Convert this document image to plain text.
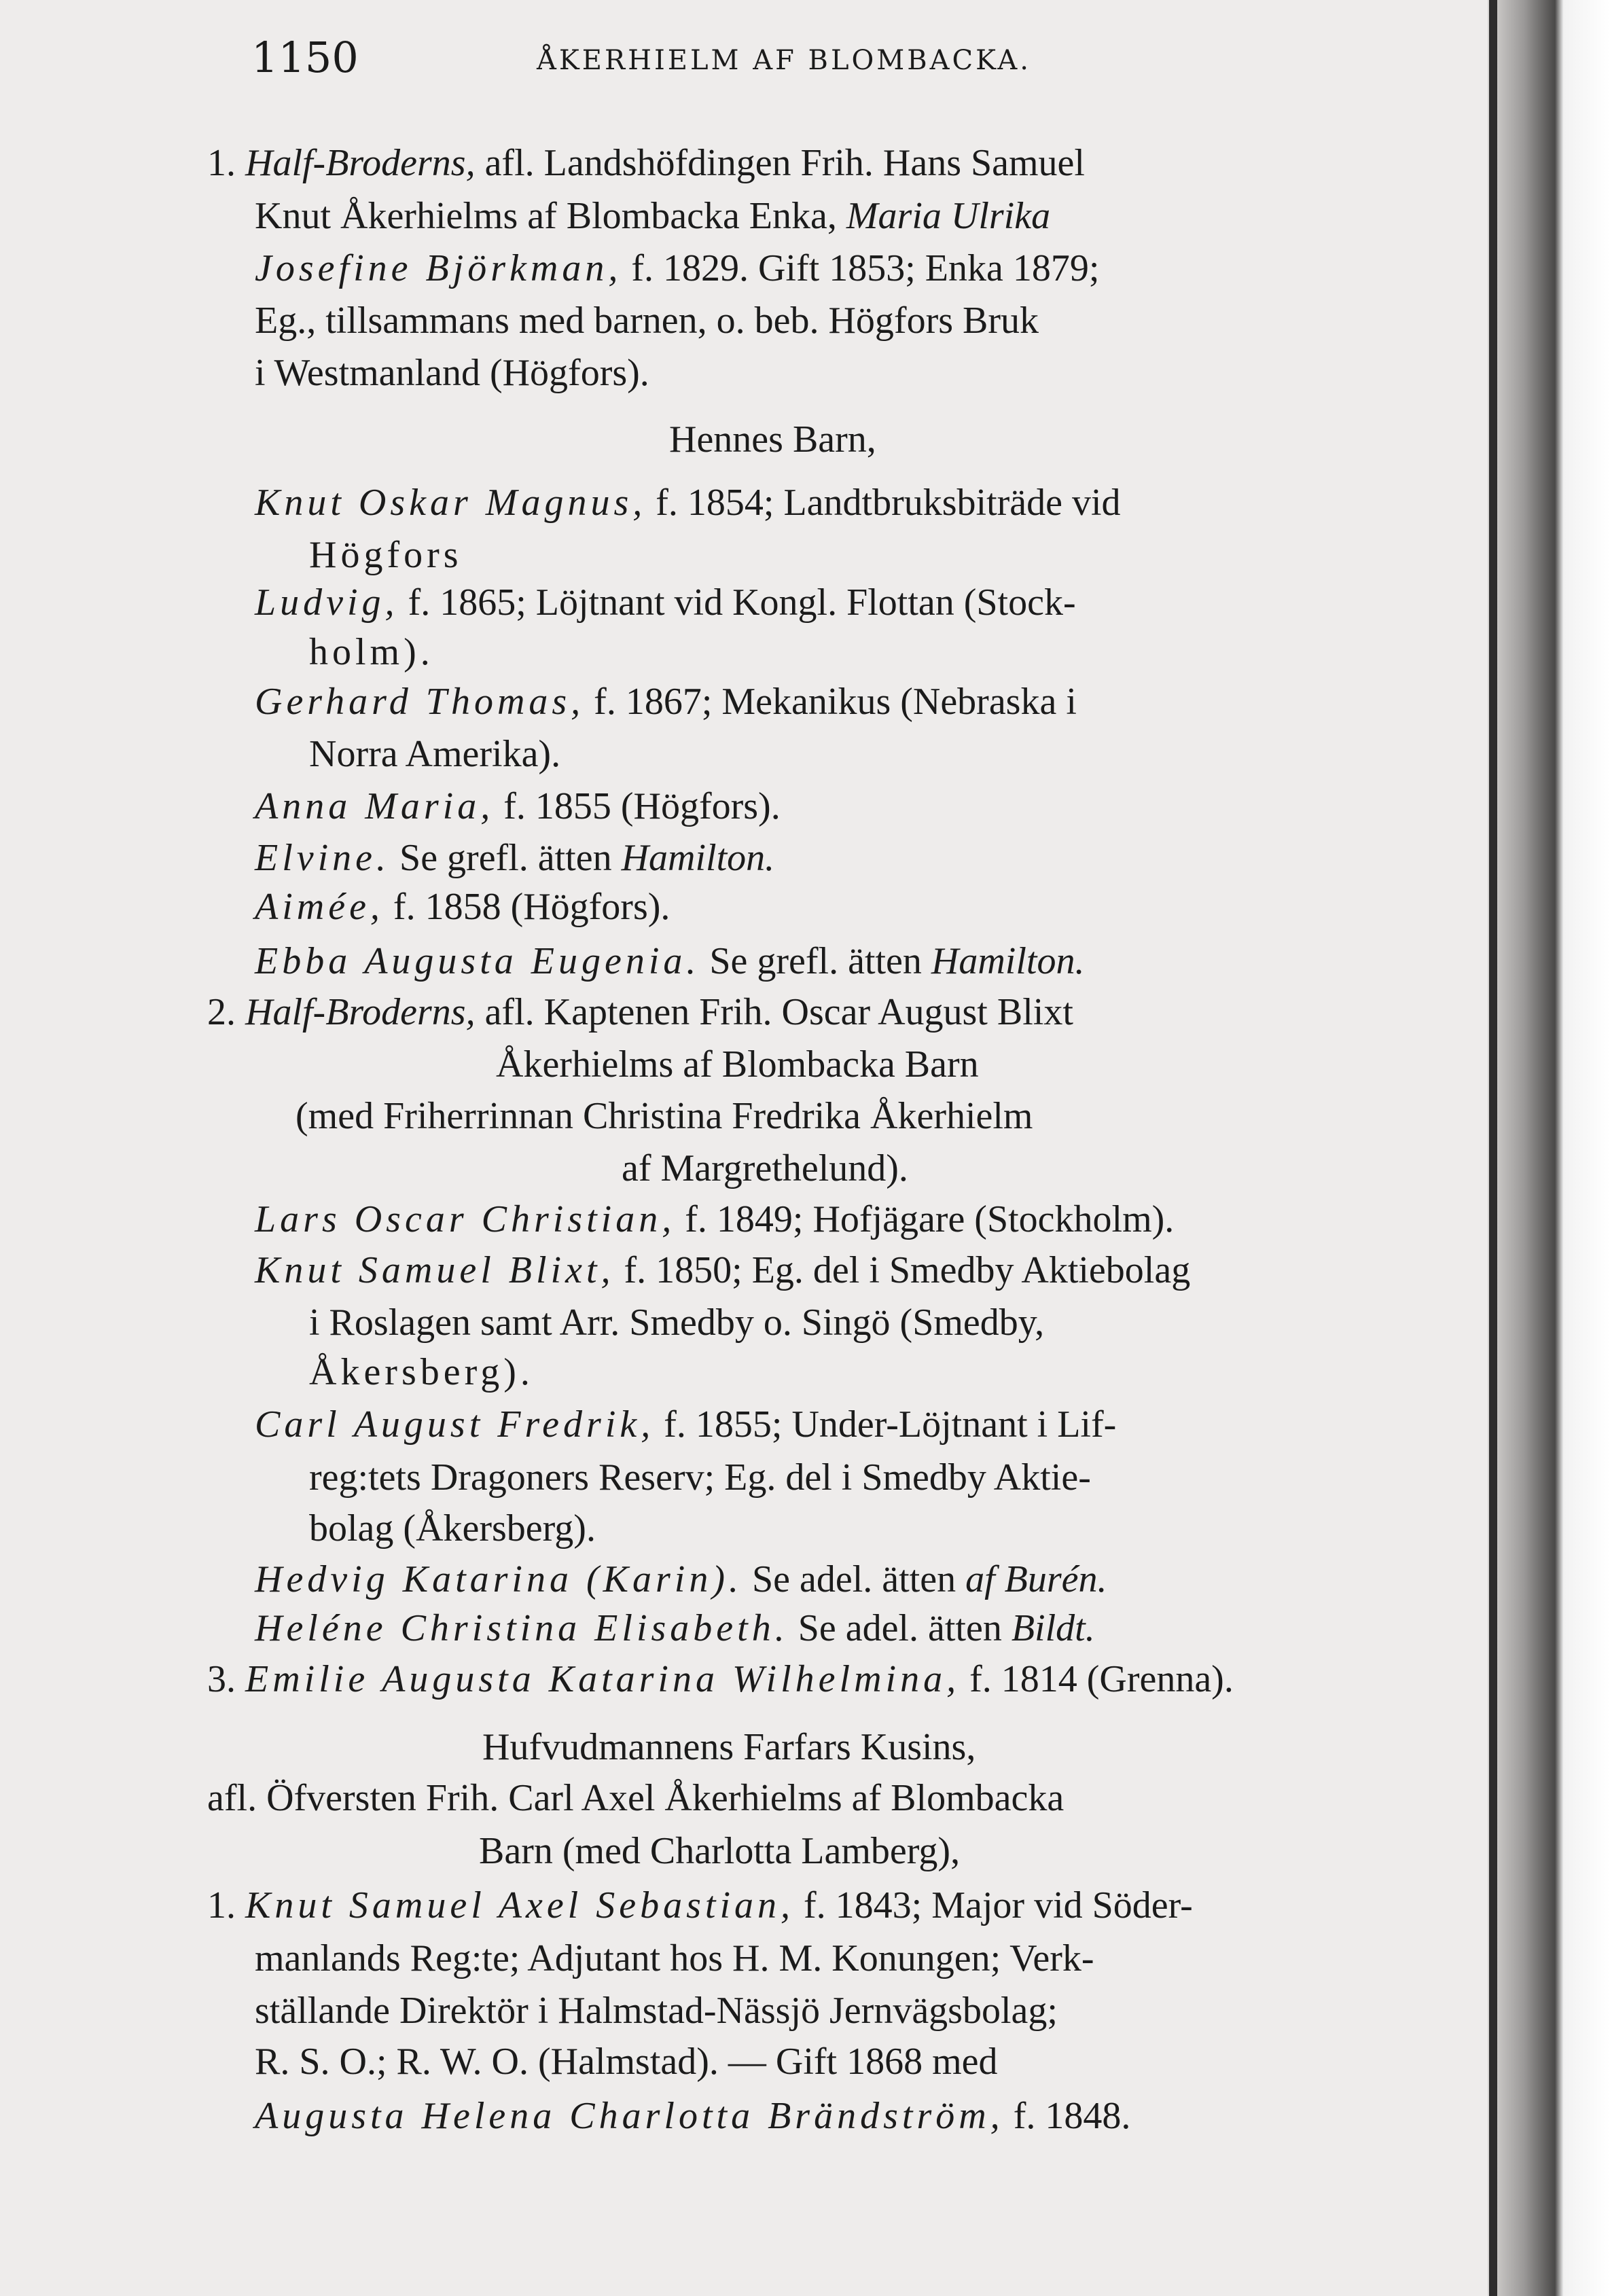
1150	ÅKERHIELM AF BLOMBACKA.
1. Half-Broderns, afl. Landshöfdingen Frih. Hans Samuel
Knut Åkerhielms af Blombacka Enka, Maria Ulrika
Josefine Björkman, f. 1829. Gift 1853; Enka 1879;
Eg., tillsammans med barnen, o. beb. Högfors Bruk
i Westmanland (Högfors).
Hennes Barn,
Knut Oskar Magnus, f. 1854; Landtbruksbiträde vid
Högfors
Ludvig, f. 1865; Löjtnant vid Kongl. Flottan (Stock-
holm).
Gerhard Thomas, f. 1867; Mekanikus (Nebraska i
Norra Amerika).
Anna Maria, f. 1855 (Högfors).
Elvine. Se grefl. ätten Hamilton.
Aimée, f. 1858 (Högfors).
Ebba Augusta Eugenia. Se grefl. ätten Hamilton.
2. Half-Broderns, afl. Kaptenen Frih. Oscar August Blixt
Åkerhielms af Blombacka Barn
(med Friherrinnan Christina Fredrika Åkerhielm
af Margrethelund).
Lars Oscar Christian, f. 1849; Hofjägare (Stockholm).
Knut Samuel Blixt, f. 1850; Eg. del i Smedby Aktiebolag
i Roslagen samt Arr. Smedby o. Singö (Smedby,
Åkersberg).
Carl August Fredrik, f. 1855; Under-Löjtnant i Lif-
reg:tets Dragoners Reserv; Eg. del i Smedby Aktie-
bolag (Åkersberg).
Hedvig Katarina (Karin). Se adel. ätten af Burén.
Heléne Christina Elisabeth. Se adel. ätten Bildt.
3. Emilie Augusta Katarina Wilhelmina, f. 1814 (Grenna).
Hufvudmannens Farfars Kusins,
afl. Öfversten Frih. Carl Axel Åkerhielms af Blombacka
Barn (med Charlotta Lamberg),
1. Knut Samuel Axel Sebastian, f. 1843; Major vid Söder-
manlands Reg:te; Adjutant hos H. M. Konungen; Verk-
ställande Direktör i Halmstad-Nässjö Jernvägsbolag;
R. S. O.; R. W. O. (Halmstad). — Gift 1868 med
Augusta Helena Charlotta Brändström, f. 1848.
